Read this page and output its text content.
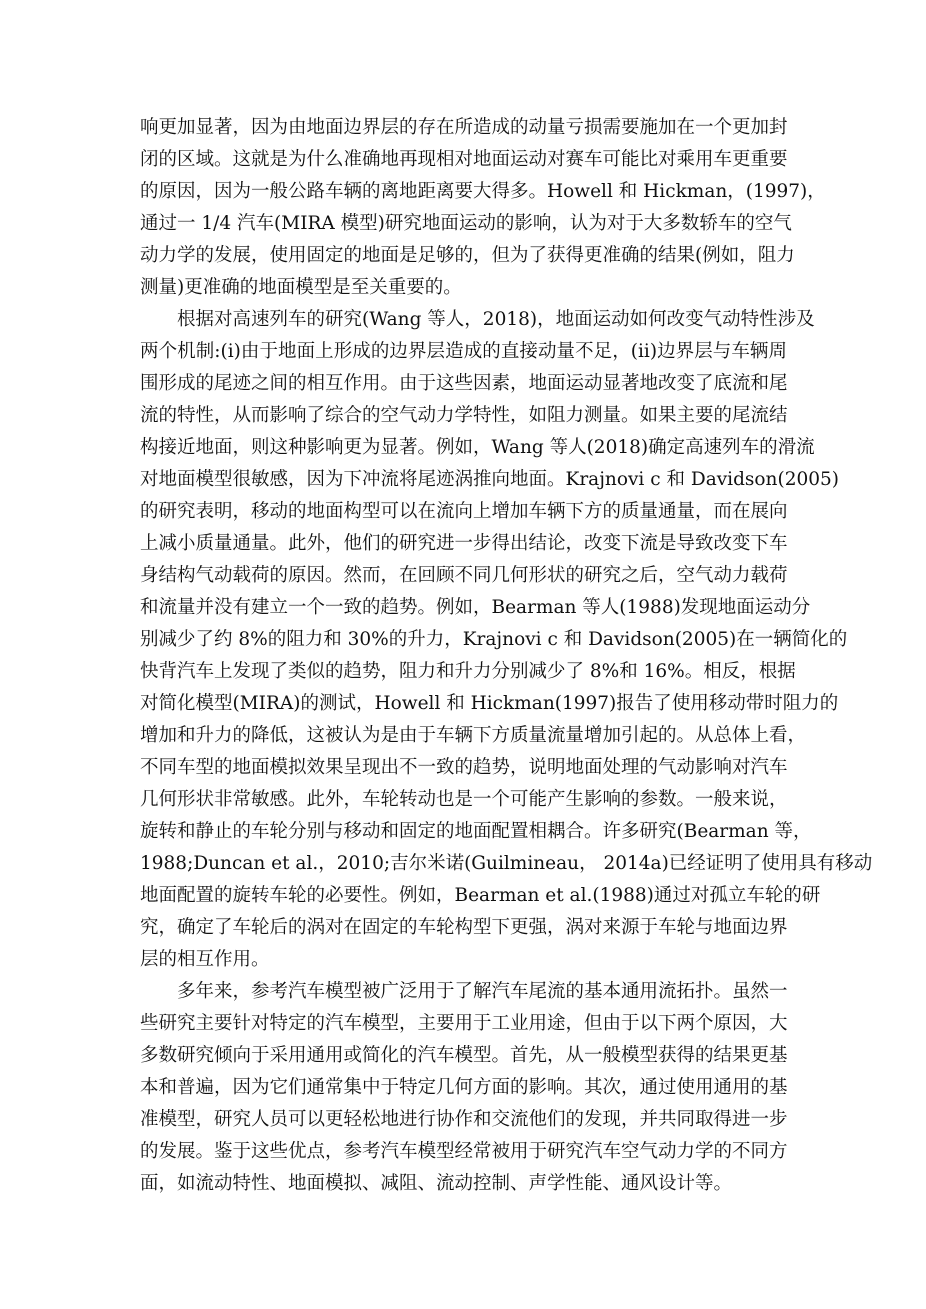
响更加显著，因为由地面边界层的存在所造成的动量亏损需要施加在一个更加封
闭的区域。这就是为什么准确地再现相对地面运动对赛车可能比对乘用车更重要
的原因，因为一般公路车辆的离地距离要大得多。Howell 和 Hickman，(1997)，
通过一 1/4 汽车(MIRA 模型)研究地面运动的影响，认为对于大多数轿车的空气
动力学的发展，使用固定的地面是足够的，但为了获得更准确的结果(例如，阻力
测量)更准确的地面模型是至关重要的。
根据对高速列车的研究(Wang 等人，2018)，地面运动如何改变气动特性涉及
两个机制:(i)由于地面上形成的边界层造成的直接动量不足，(ii)边界层与车辆周
围形成的尾迹之间的相互作用。由于这些因素，地面运动显著地改变了底流和尾
流的特性，从而影响了综合的空气动力学特性，如阻力测量。如果主要的尾流结
构接近地面，则这种影响更为显著。例如，Wang 等人(2018)确定高速列车的滑流
对地面模型很敏感，因为下冲流将尾迹涡推向地面。Krajnovi c 和 Davidson(2005)
的研究表明，移动的地面构型可以在流向上增加车辆下方的质量通量，而在展向
上减小质量通量。此外，他们的研究进一步得出结论，改变下流是导致改变下车
身结构气动载荷的原因。然而，在回顾不同几何形状的研究之后，空气动力载荷
和流量并没有建立一个一致的趋势。例如，Bearman 等人(1988)发现地面运动分
别减少了约 8%的阻力和 30%的升力，Krajnovi c 和 Davidson(2005)在一辆简化的
快背汽车上发现了类似的趋势，阻力和升力分别减少了 8%和 16%。相反，根据
对简化模型(MIRA)的测试，Howell 和 Hickman(1997)报告了使用移动带时阻力的
增加和升力的降低，这被认为是由于车辆下方质量流量增加引起的。从总体上看，
不同车型的地面模拟效果呈现出不一致的趋势，说明地面处理的气动影响对汽车
几何形状非常敏感。此外，车轮转动也是一个可能产生影响的参数。一般来说，
旋转和静止的车轮分别与移动和固定的地面配置相耦合。许多研究(Bearman 等，
1988;Duncan et al.，2010;吉尔米诺(Guilmineau， 2014a)已经证明了使用具有移动
地面配置的旋转车轮的必要性。例如，Bearman et al.(1988)通过对孤立车轮的研
究，确定了车轮后的涡对在固定的车轮构型下更强，涡对来源于车轮与地面边界
层的相互作用。
多年来，参考汽车模型被广泛用于了解汽车尾流的基本通用流拓扑。虽然一
些研究主要针对特定的汽车模型，主要用于工业用途，但由于以下两个原因，大
多数研究倾向于采用通用或简化的汽车模型。首先，从一般模型获得的结果更基
本和普遍，因为它们通常集中于特定几何方面的影响。其次，通过使用通用的基
准模型，研究人员可以更轻松地进行协作和交流他们的发现，并共同取得进一步
的发展。鉴于这些优点，参考汽车模型经常被用于研究汽车空气动力学的不同方
面，如流动特性、地面模拟、减阻、流动控制、声学性能、通风设计等。
